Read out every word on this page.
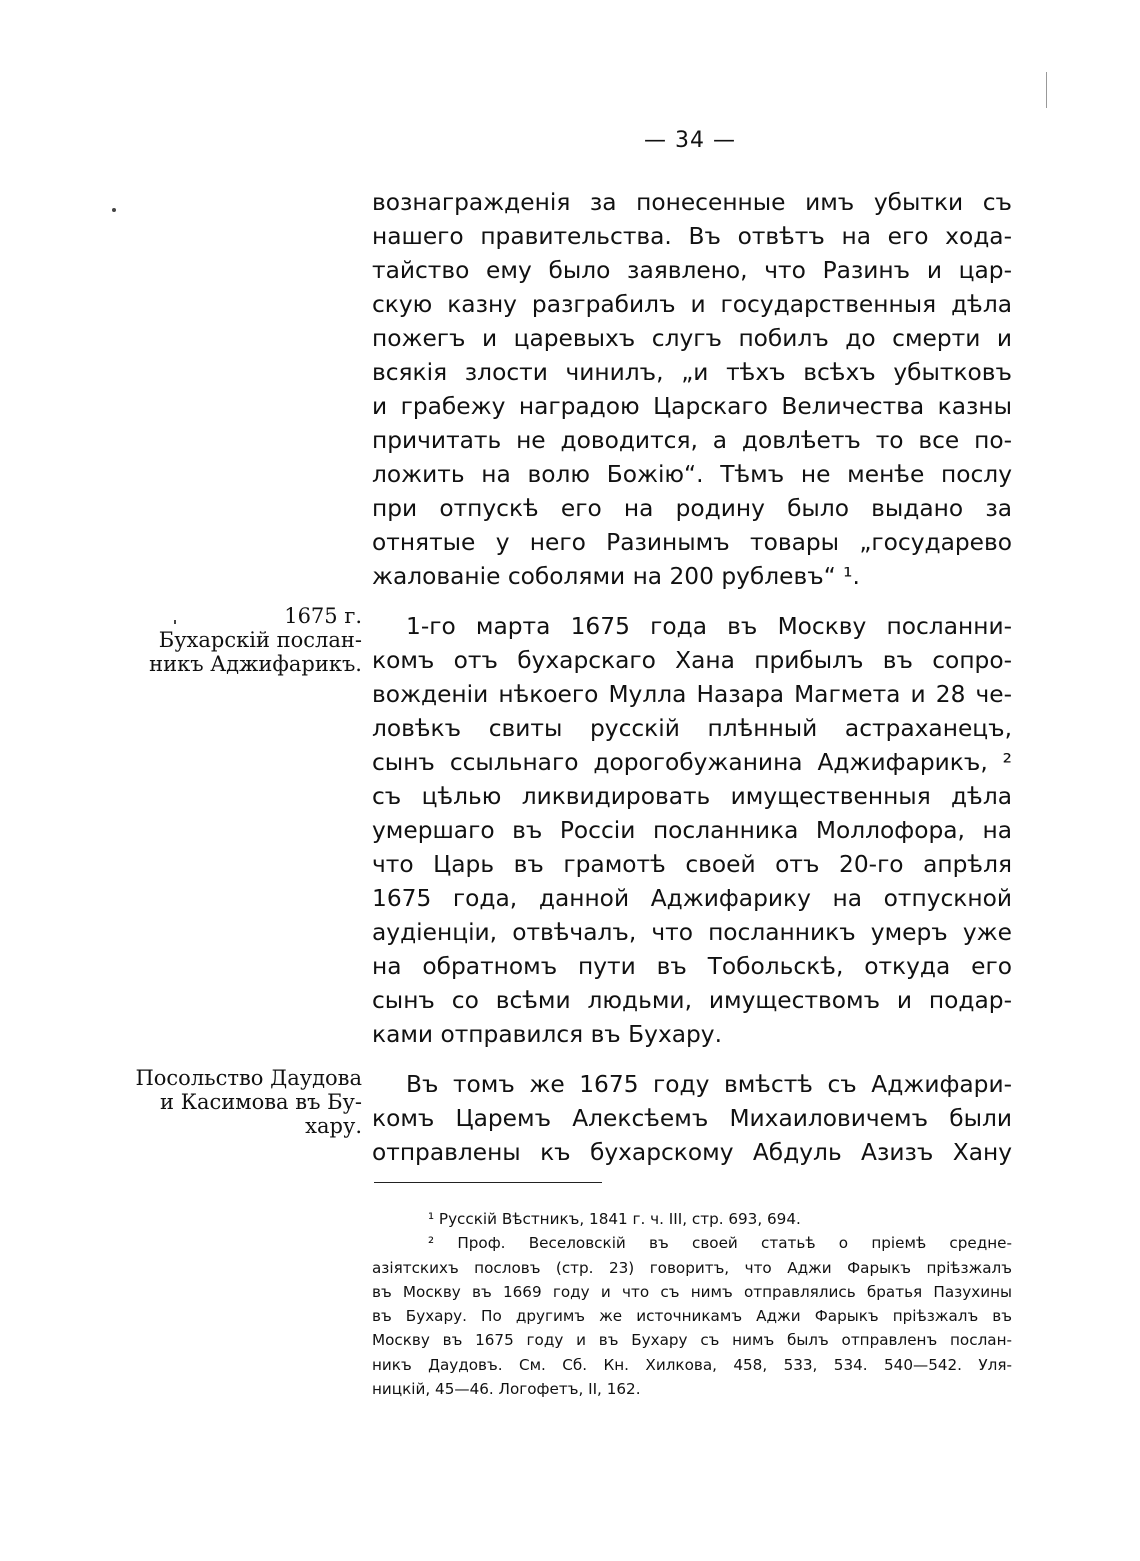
— 34 —

вознагражденія за понесенные имъ убытки съ
нашего правительства. Въ отвѣтъ на его хода-
тайство ему было заявлено, что Разинъ и цар-
скую казну разграбилъ и государственныя дѣла
пожегъ и царевыхъ слугъ побилъ до смерти и
всякія злости чинилъ, „и тѣхъ всѣхъ убытковъ
и грабежу наградою Царскаго Величества казны
причитать не доводится, а довлѣетъ то все по-
ложить на волю Божію“. Тѣмъ не менѣе послу
при отпускѣ его на родину было выдано за
отнятые у него Разинымъ товары „государево
жалованіе соболями на 200 рублевъ“ ¹.

1675 г.
Бухарскій послан-
никъ Аджифарикъ.

1-го марта 1675 года въ Москву посланни-
комъ отъ бухарскаго Хана прибылъ въ сопро-
вожденіи нѣкоего Мулла Назара Магмета и 28 че-
ловѣкъ свиты русскій плѣнный астраханецъ,
сынъ ссыльнаго дорогобужанина Аджифарикъ, ²
съ цѣлью ликвидировать имущественныя дѣла
умершаго въ Россіи посланника Моллофора, на
что Царь въ грамотѣ своей отъ 20-го апрѣля
1675 года, данной Аджифарику на отпускной
аудіенціи, отвѣчалъ, что посланникъ умеръ уже
на обратномъ пути въ Тобольскѣ, откуда его
сынъ со всѣми людьми, имуществомъ и подар-
ками отправился въ Бухару.

Посольство Даудова
и Касимова въ Бу-
хару.

Въ томъ же 1675 году вмѣстѣ съ Аджифари-
комъ Царемъ Алексѣемъ Михаиловичемъ были
отправлены къ бухарскому Абдуль Азизъ Хану

¹ Русскій Вѣстникъ, 1841 г. ч. III, стр. 693, 694.
² Проф. Веселовскій въ своей статьѣ о пріемѣ средне-
азіятскихъ пословъ (стр. 23) говоритъ, что Аджи Фарыкъ пріѣзжалъ
въ Москву въ 1669 году и что съ нимъ отправлялись братья Пазухины
въ Бухару. По другимъ же источникамъ Аджи Фарыкъ пріѣзжалъ въ
Москву въ 1675 году и въ Бухару съ нимъ былъ отправленъ послан-
никъ Даудовъ. См. Сб. Кн. Хилкова, 458, 533, 534. 540—542. Уля-
ницкій, 45—46. Логофетъ, II, 162.
